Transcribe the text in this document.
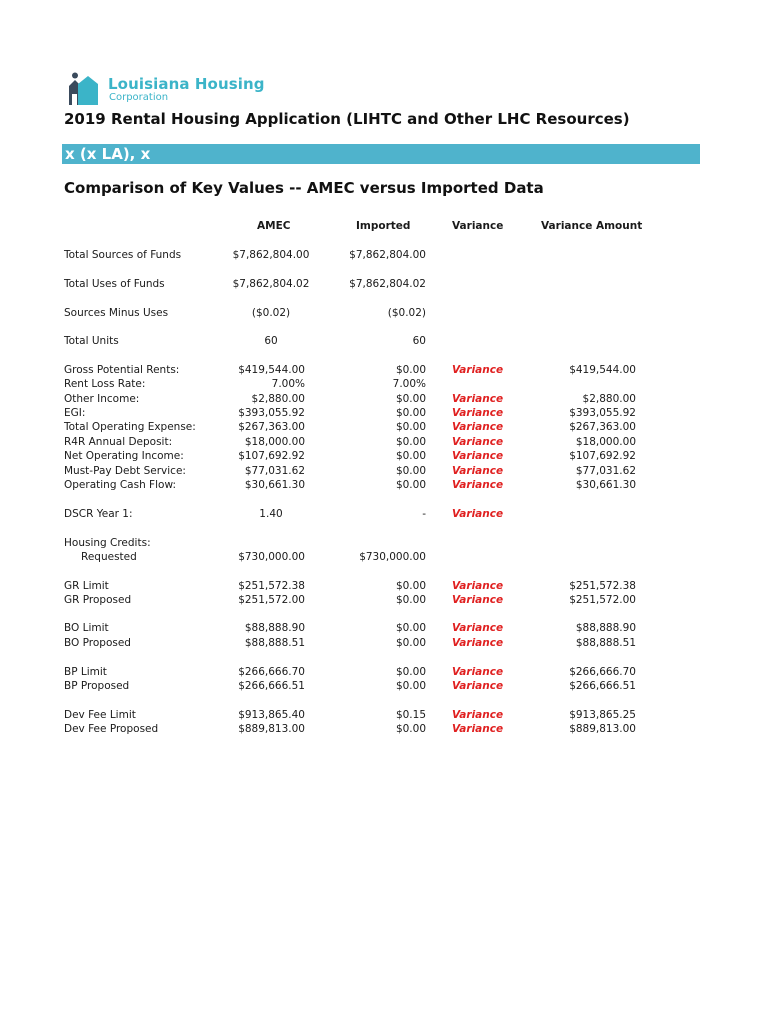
Louisiana Housing
Corporation
2019 Rental Housing Application (LIHTC and Other LHC Resources)
x (x LA), x
Comparison of Key Values -- AMEC versus Imported Data
AMEC	Imported	Variance	Variance Amount
Total Sources of Funds	$7,862,804.00	$7,862,804.00
Total Uses of Funds	$7,862,804.02	$7,862,804.02
Sources Minus Uses	($0.02)	($0.02)
Total Units	60	60
Gross Potential Rents:	$419,544.00	$0.00 Variance	$419,544.00
Rent Loss Rate:	7.00%	7.00%
Other Income:	$2,880.00	$0.00 Variance	$2,880.00
EGI:	$393,055.92	$0.00 Variance	$393,055.92
Total Operating Expense:	$267,363.00	$0.00 Variance	$267,363.00
R4R Annual Deposit:	$18,000.00	$0.00 Variance	$18,000.00
Net Operating Income:	$107,692.92	$0.00 Variance	$107,692.92
Must-Pay Debt Service:	$77,031.62	$0.00 Variance	$77,031.62
Operating Cash Flow:	$30,661.30	$0.00 Variance	$30,661.30
DSCR Year 1:	1.40	- Variance
Housing Credits:
Requested	$730,000.00	$730,000.00
GR Limit	$251,572.38	$0.00 Variance	$251,572.38
GR Proposed	$251,572.00	$0.00 Variance	$251,572.00
BO Limit	$88,888.90	$0.00 Variance	$88,888.90
BO Proposed	$88,888.51	$0.00 Variance	$88,888.51
BP Limit	$266,666.70	$0.00 Variance	$266,666.70
BP Proposed	$266,666.51	$0.00 Variance	$266,666.51
Dev Fee Limit	$913,865.40	$0.15 Variance	$913,865.25
Dev Fee Proposed	$889,813.00	$0.00 Variance	$889,813.00
